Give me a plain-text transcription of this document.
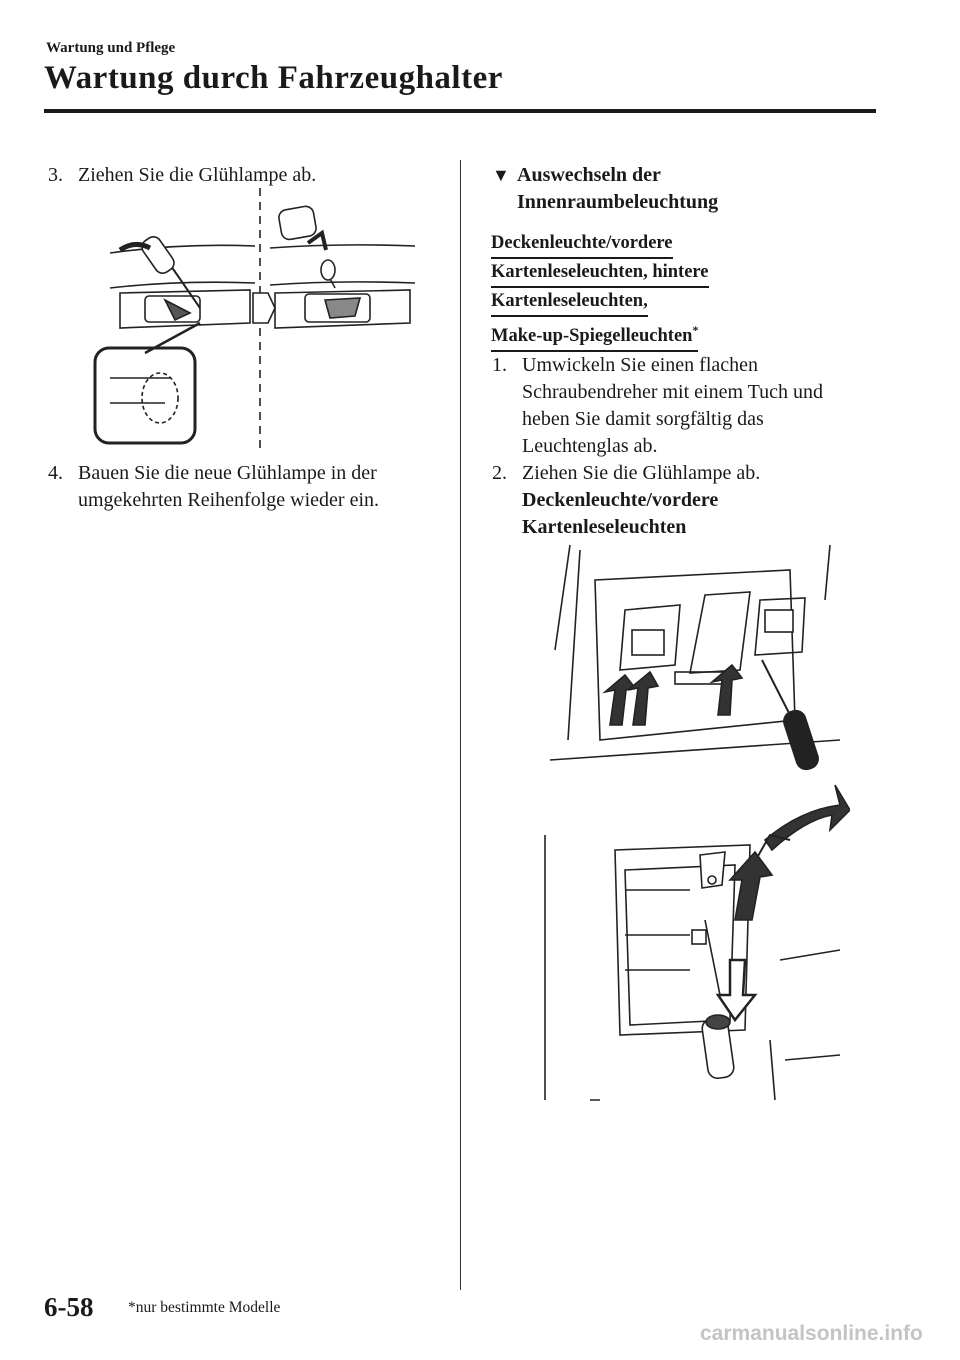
Wartung und Pflege
Wartung durch Fahrzeughalter
3. Ziehen Sie die Glühlampe ab.
4. Bauen Sie die neue Glühlampe in der
umgekehrten Reihenfolge wieder ein.
▼ Auswechseln der
Innenraumbeleuchtung
Deckenleuchte/vordere
Kartenleseleuchten, hintere
Kartenleseleuchten,
Make-up-Spiegelleuchten*
1. Umwickeln Sie einen flachen
Schraubendreher mit einem Tuch und
heben Sie damit sorgfältig das
Leuchtenglas ab.
2. Ziehen Sie die Glühlampe ab.
Deckenleuchte/vordere
Kartenleseleuchten
6-58 *nur bestimmte Modelle
carmanualsonline.info
